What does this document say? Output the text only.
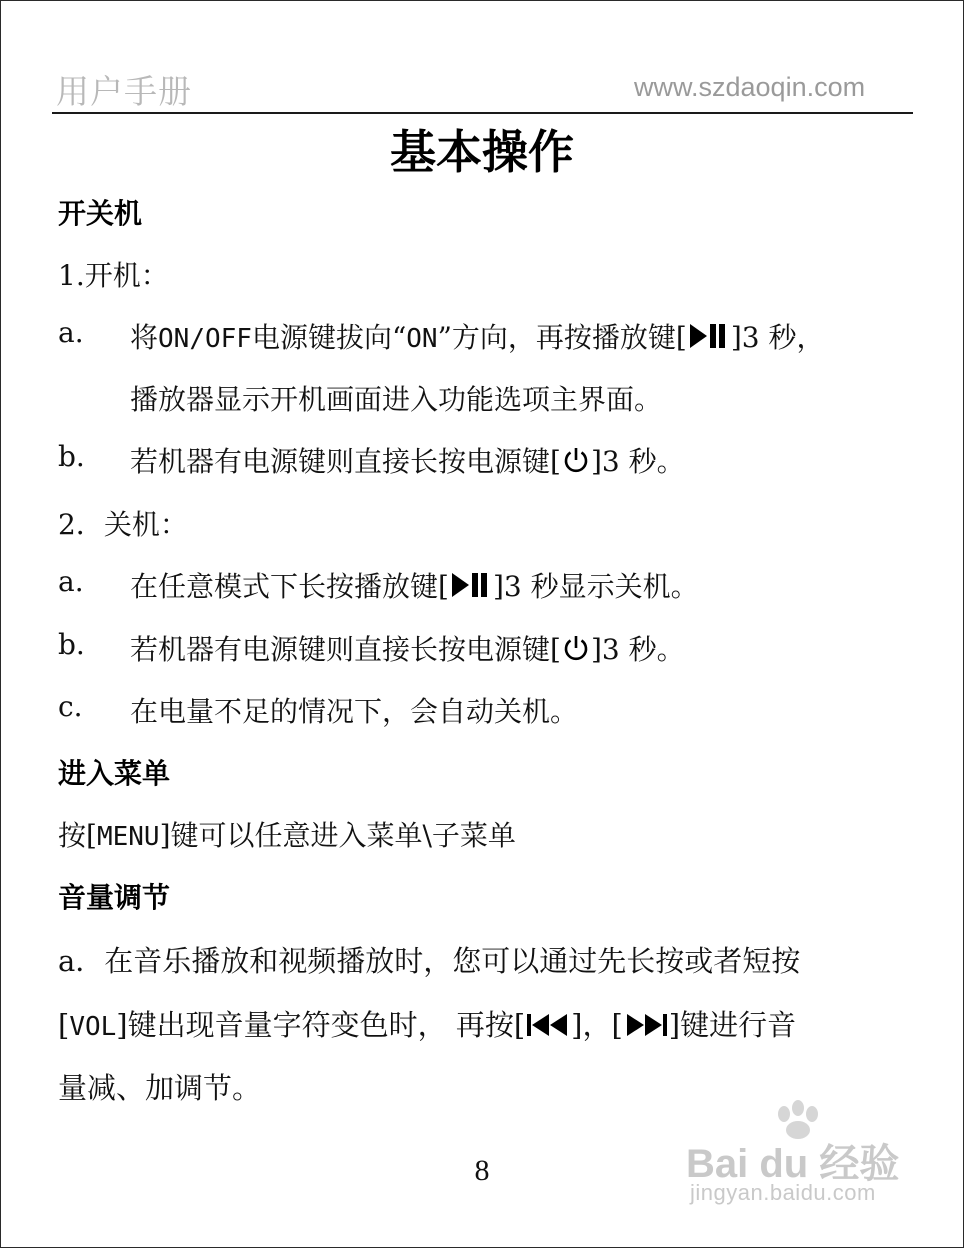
用户手册	www.szdaoqin.com
基本操作
开关机
1.开机：
a. 将ON/OFF电源键拔向“ON”方向，再按播放键[ ]3 秒，
播放器显示开机画面进入功能选项主界面。
b. 若机器有电源键则直接长按电源键[ ]3 秒。
2．关机：
a. 在任意模式下长按播放键[ ]3 秒显示关机。
b. 若机器有电源键则直接长按电源键[ ]3 秒。
c. 在电量不足的情况下，会自动关机。
进入菜单
按[MENU]键可以任意进入菜单\子菜单
音量调节
a．在音乐播放和视频播放时，您可以通过先长按或者短按
[VOL]键出现音量字符变色时， 再按[ ]，[ ]键进行音
量减、加调节。
8	Bai du 经验
jingyan.baidu.com
